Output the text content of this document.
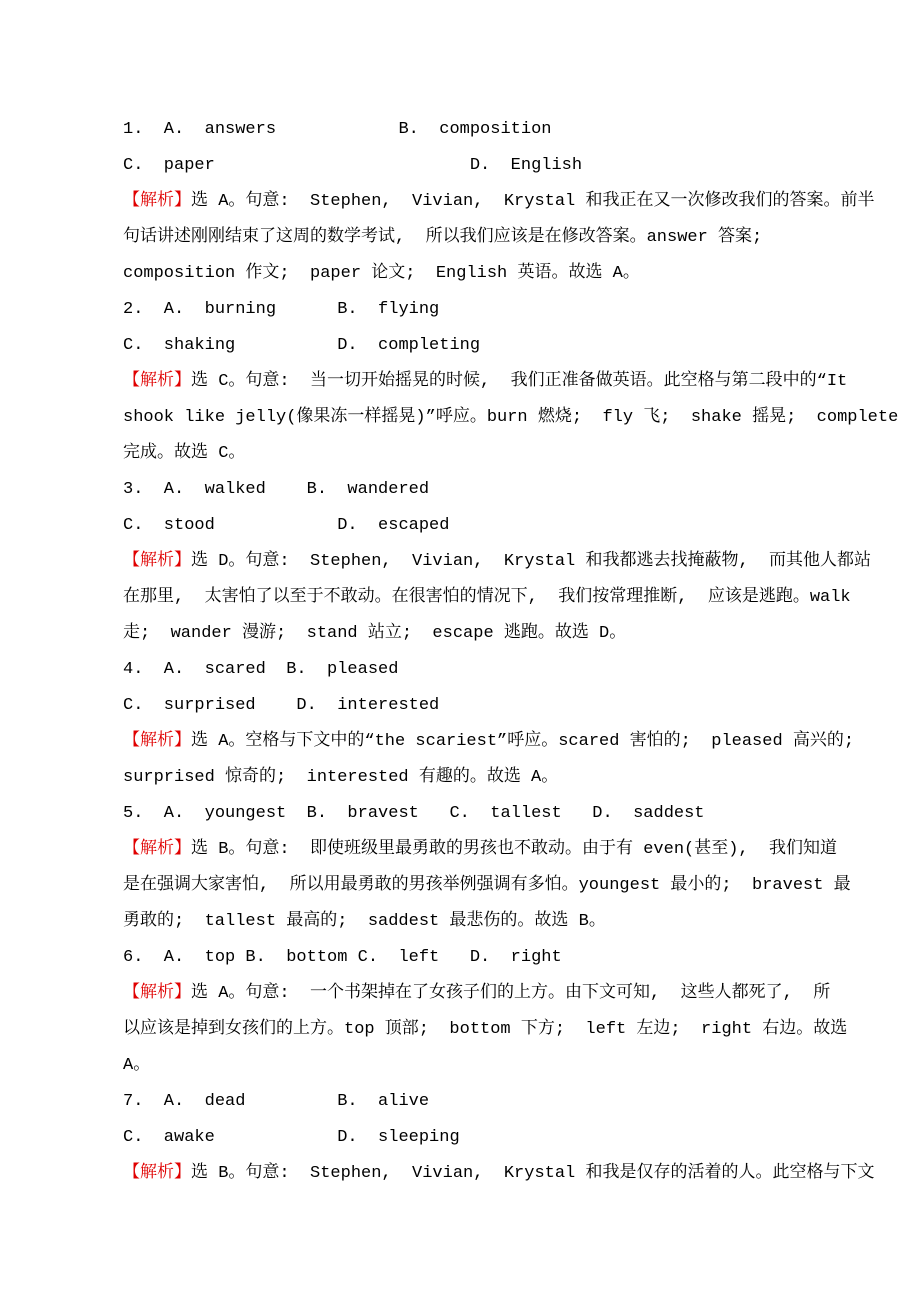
1.  A.  answers            B.  composition
C.  paper                         D.  English
【解析】选 A。句意:  Stephen,  Vivian,  Krystal 和我正在又一次修改我们的答案。前半
句话讲述刚刚结束了这周的数学考试,  所以我们应该是在修改答案。answer 答案;
composition 作文;  paper 论文;  English 英语。故选 A。
2.  A.  burning      B.  flying
C.  shaking          D.  completing
【解析】选 C。句意:  当一切开始摇晃的时候,  我们正准备做英语。此空格与第二段中的“It
shook like jelly(像果冻一样摇晃)”呼应。burn 燃烧;  fly 飞;  shake 摇晃;  complete
完成。故选 C。
3.  A.  walked    B.  wandered
C.  stood            D.  escaped
【解析】选 D。句意:  Stephen,  Vivian,  Krystal 和我都逃去找掩蔽物,  而其他人都站
在那里,  太害怕了以至于不敢动。在很害怕的情况下,  我们按常理推断,  应该是逃跑。walk
走;  wander 漫游;  stand 站立;  escape 逃跑。故选 D。
4.  A.  scared  B.  pleased
C.  surprised    D.  interested
【解析】选 A。空格与下文中的“the scariest”呼应。scared 害怕的;  pleased 高兴的;
surprised 惊奇的;  interested 有趣的。故选 A。
5.  A.  youngest  B.  bravest   C.  tallest   D.  saddest
【解析】选 B。句意:  即使班级里最勇敢的男孩也不敢动。由于有 even(甚至),  我们知道
是在强调大家害怕,  所以用最勇敢的男孩举例强调有多怕。youngest 最小的;  bravest 最
勇敢的;  tallest 最高的;  saddest 最悲伤的。故选 B。
6.  A.  top B.  bottom C.  left   D.  right
【解析】选 A。句意:  一个书架掉在了女孩子们的上方。由下文可知,  这些人都死了,  所
以应该是掉到女孩们的上方。top 顶部;  bottom 下方;  left 左边;  right 右边。故选
A。
7.  A.  dead         B.  alive
C.  awake            D.  sleeping
【解析】选 B。句意:  Stephen,  Vivian,  Krystal 和我是仅存的活着的人。此空格与下文
